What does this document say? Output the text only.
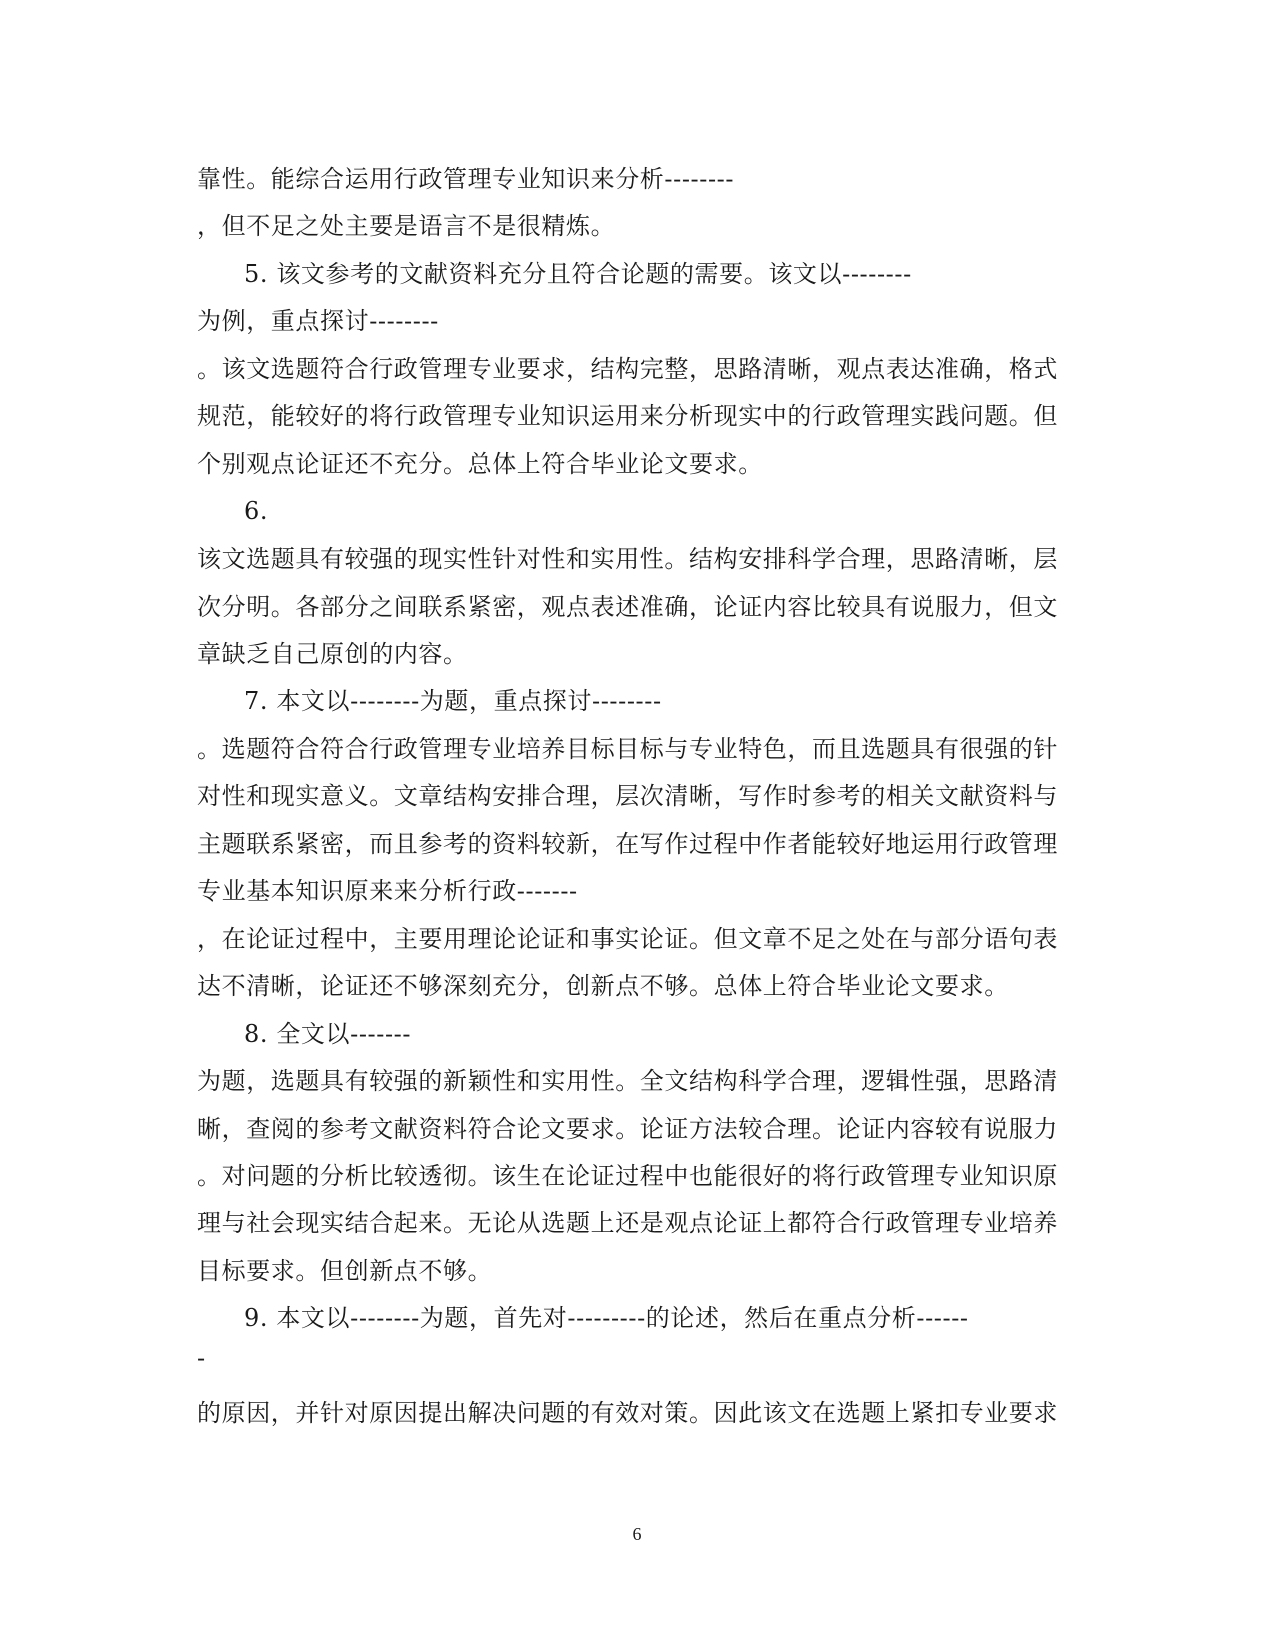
靠性。能综合运用行政管理专业知识来分析--------
，但不足之处主要是语言不是很精炼。
5. 该文参考的文献资料充分且符合论题的需要。该文以--------
为例，重点探讨--------
。该文选题符合行政管理专业要求，结构完整，思路清晰，观点表达准确，格式
规范，能较好的将行政管理专业知识运用来分析现实中的行政管理实践问题。但
个别观点论证还不充分。总体上符合毕业论文要求。
6.
该文选题具有较强的现实性针对性和实用性。结构安排科学合理，思路清晰，层
次分明。各部分之间联系紧密，观点表述准确，论证内容比较具有说服力，但文
章缺乏自己原创的内容。
7. 本文以--------为题，重点探讨--------
。选题符合符合行政管理专业培养目标目标与专业特色，而且选题具有很强的针
对性和现实意义。文章结构安排合理，层次清晰，写作时参考的相关文献资料与
主题联系紧密，而且参考的资料较新，在写作过程中作者能较好地运用行政管理
专业基本知识原来来分析行政-------
，在论证过程中，主要用理论论证和事实论证。但文章不足之处在与部分语句表
达不清晰，论证还不够深刻充分，创新点不够。总体上符合毕业论文要求。
8. 全文以-------
为题，选题具有较强的新颖性和实用性。全文结构科学合理，逻辑性强，思路清
晰，查阅的参考文献资料符合论文要求。论证方法较合理。论证内容较有说服力
。对问题的分析比较透彻。该生在论证过程中也能很好的将行政管理专业知识原
理与社会现实结合起来。无论从选题上还是观点论证上都符合行政管理专业培养
目标要求。但创新点不够。
9. 本文以--------为题，首先对---------的论述，然后在重点分析------
-
的原因，并针对原因提出解决问题的有效对策。因此该文在选题上紧扣专业要求
6
